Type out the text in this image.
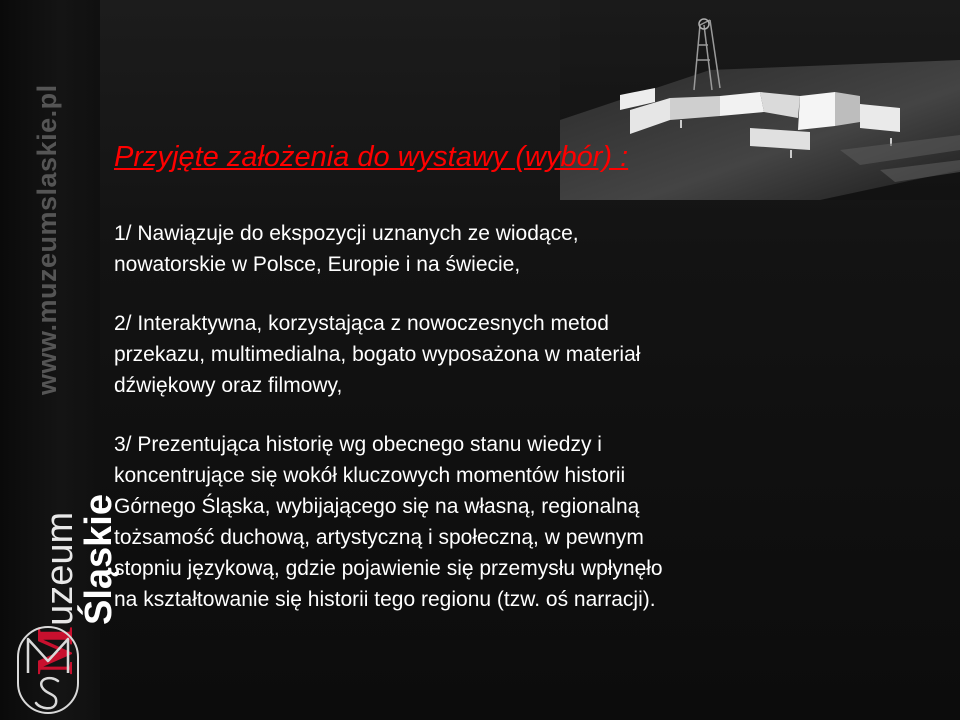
www.muzeumslaskie.pl
Muzeum
Śląskie
Przyjęte założenia do wystawy (wybór) :
1/ Nawiązuje do ekspozycji uznanych ze wiodące,
nowatorskie w Polsce, Europie i na świecie,
2/ Interaktywna, korzystająca z nowoczesnych metod
przekazu, multimedialna, bogato wyposażona w materiał
dźwiękowy oraz filmowy,
3/ Prezentująca historię wg obecnego stanu wiedzy i
koncentrujące się wokół kluczowych momentów historii
Górnego Śląska, wybijającego się na własną, regionalną
tożsamość duchową, artystyczną i społeczną, w pewnym
stopniu językową, gdzie pojawienie się przemysłu wpłynęło
na kształtowanie się historii tego regionu (tzw. oś narracji).
